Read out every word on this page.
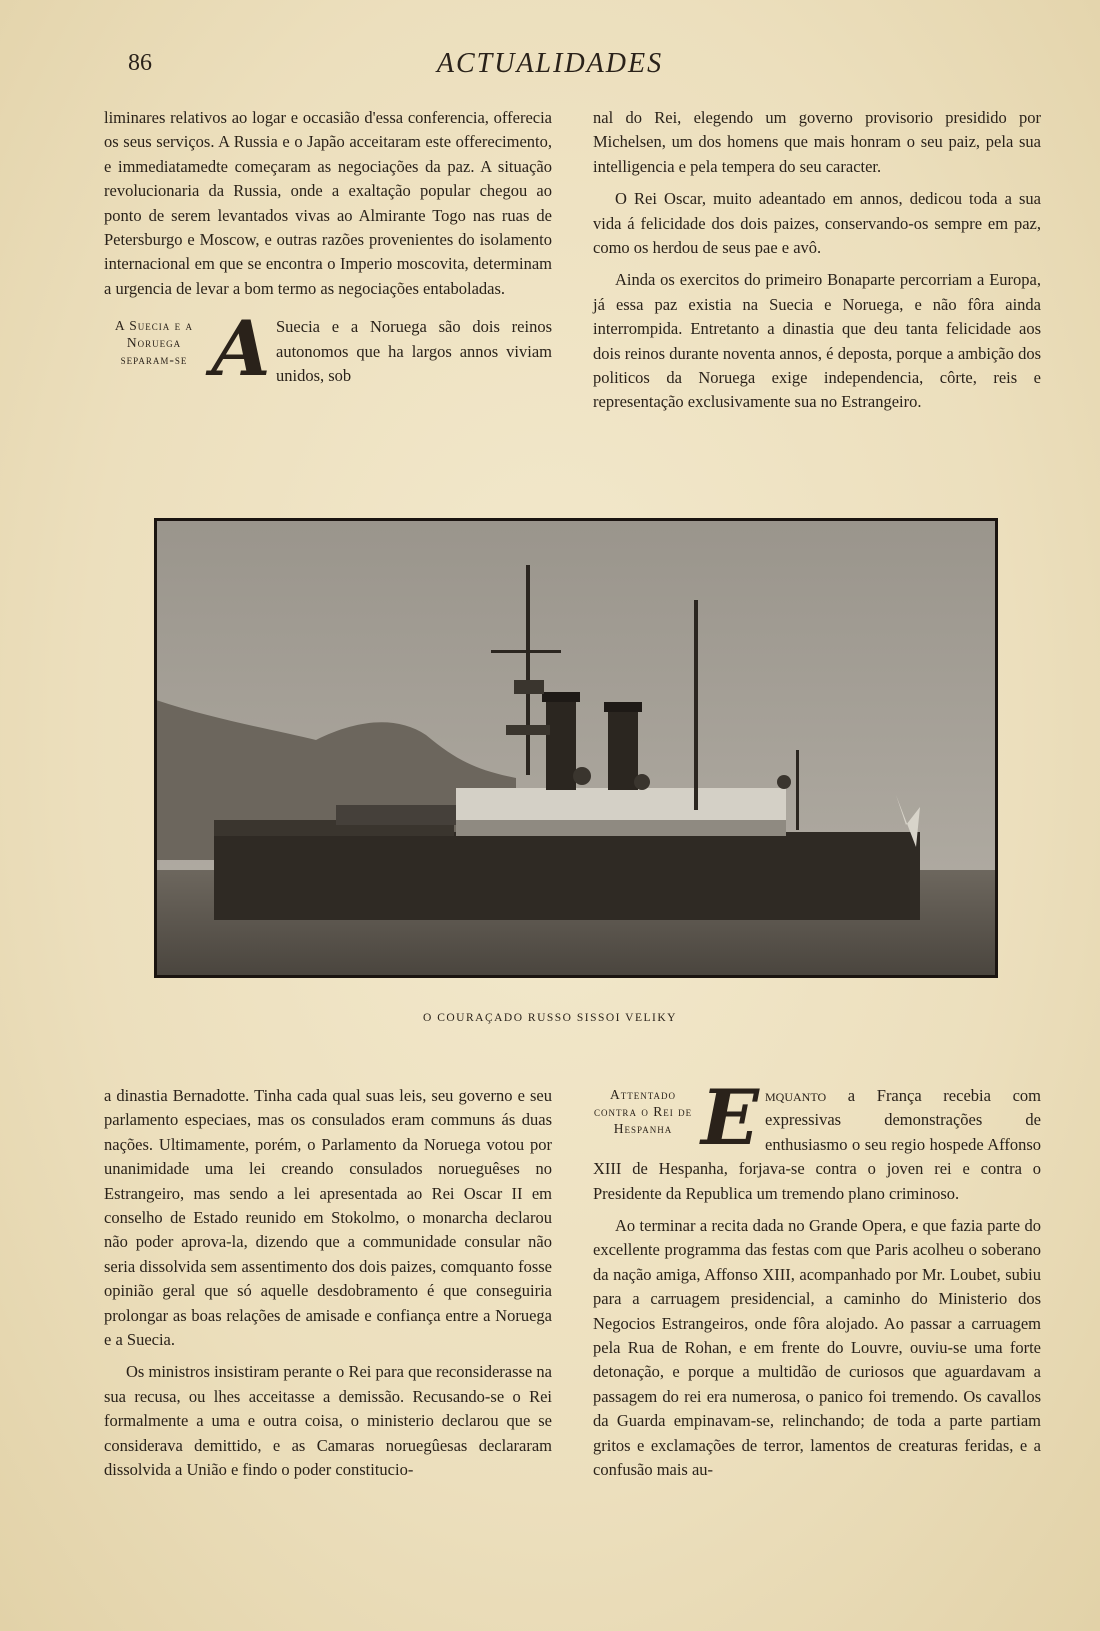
86	ACTUALIDADES

liminares relativos ao logar e occasião d'essa conferencia, offerecia os seus serviços. A Russia e o Japão acceitaram este offerecimento, e immediatamedte começaram as negociações da paz. A situação revolucionaria da Russia, onde a exaltação popular chegou ao ponto de serem levantados vivas ao Almirante Togo nas ruas de Petersburgo e Moscow, e outras razões provenientes do isolamento internacional em que se encontra o Imperio moscovita, determinam a urgencia de levar a bom termo as negociações entaboladas.

A Suecia e a Noruega separam-se A Suecia e a Noruega são dois reinos autonomos que ha largos annos viviam unidos, sob

nal do Rei, elegendo um governo provisorio presidido por Michelsen, um dos homens que mais honram o seu paiz, pela sua intelligencia e pela tempera do seu caracter.

O Rei Oscar, muito adeantado em annos, dedicou toda a sua vida á felicidade dos dois paizes, conservando-os sempre em paz, como os herdou de seus pae e avô.

Ainda os exercitos do primeiro Bonaparte percorriam a Europa, já essa paz existia na Suecia e Noruega, e não fôra ainda interrompida. Entretanto a dinastia que deu tanta felicidade aos dois reinos durante noventa annos, é deposta, porque a ambição dos politicos da Noruega exige independencia, côrte, reis e representação exclusivamente sua no Estrangeiro.

O COURAÇADO RUSSO SISSOI VELIKY

a dinastia Bernadotte. Tinha cada qual suas leis, seu governo e seu parlamento especiaes, mas os consulados eram communs ás duas nações. Ultimamente, porém, o Parlamento da Noruega votou por unanimidade uma lei creando consulados norueguêses no Estrangeiro, mas sendo a lei apresentada ao Rei Oscar II em conselho de Estado reunido em Stokolmo, o monarcha declarou não poder aprova-la, dizendo que a communidade consular não seria dissolvida sem assentimento dos dois paizes, comquanto fosse opinião geral que só aquelle desdobramento é que conseguiria prolongar as boas relações de amisade e confiança entre a Noruega e a Suecia.

Os ministros insistiram perante o Rei para que reconsiderasse na sua recusa, ou lhes acceitasse a demissão. Recusando-se o Rei formalmente a uma e outra coisa, o ministerio declarou que se considerava demittido, e as Camaras noruegûesas declararam dissolvida a União e findo o poder constitucio-

Attentado contra o Rei de Hespanha E mquanto a França recebia com expressivas demonstrações de enthusiasmo o seu regio hospede Affonso XIII de Hespanha, forjava-se contra o joven rei e contra o Presidente da Republica um tremendo plano criminoso.

Ao terminar a recita dada no Grande Opera, e que fazia parte do excellente programma das festas com que Paris acolheu o soberano da nação amiga, Affonso XIII, acompanhado por Mr. Loubet, subiu para a carruagem presidencial, a caminho do Ministerio dos Negocios Estrangeiros, onde fôra alojado. Ao passar a carruagem pela Rua de Rohan, e em frente do Louvre, ouviu-se uma forte detonação, e porque a multidão de curiosos que aguardavam a passagem do rei era numerosa, o panico foi tremendo. Os cavallos da Guarda empinavam-se, relinchando; de toda a parte partiam gritos e exclamações de terror, lamentos de creaturas feridas, e a confusão mais au-
